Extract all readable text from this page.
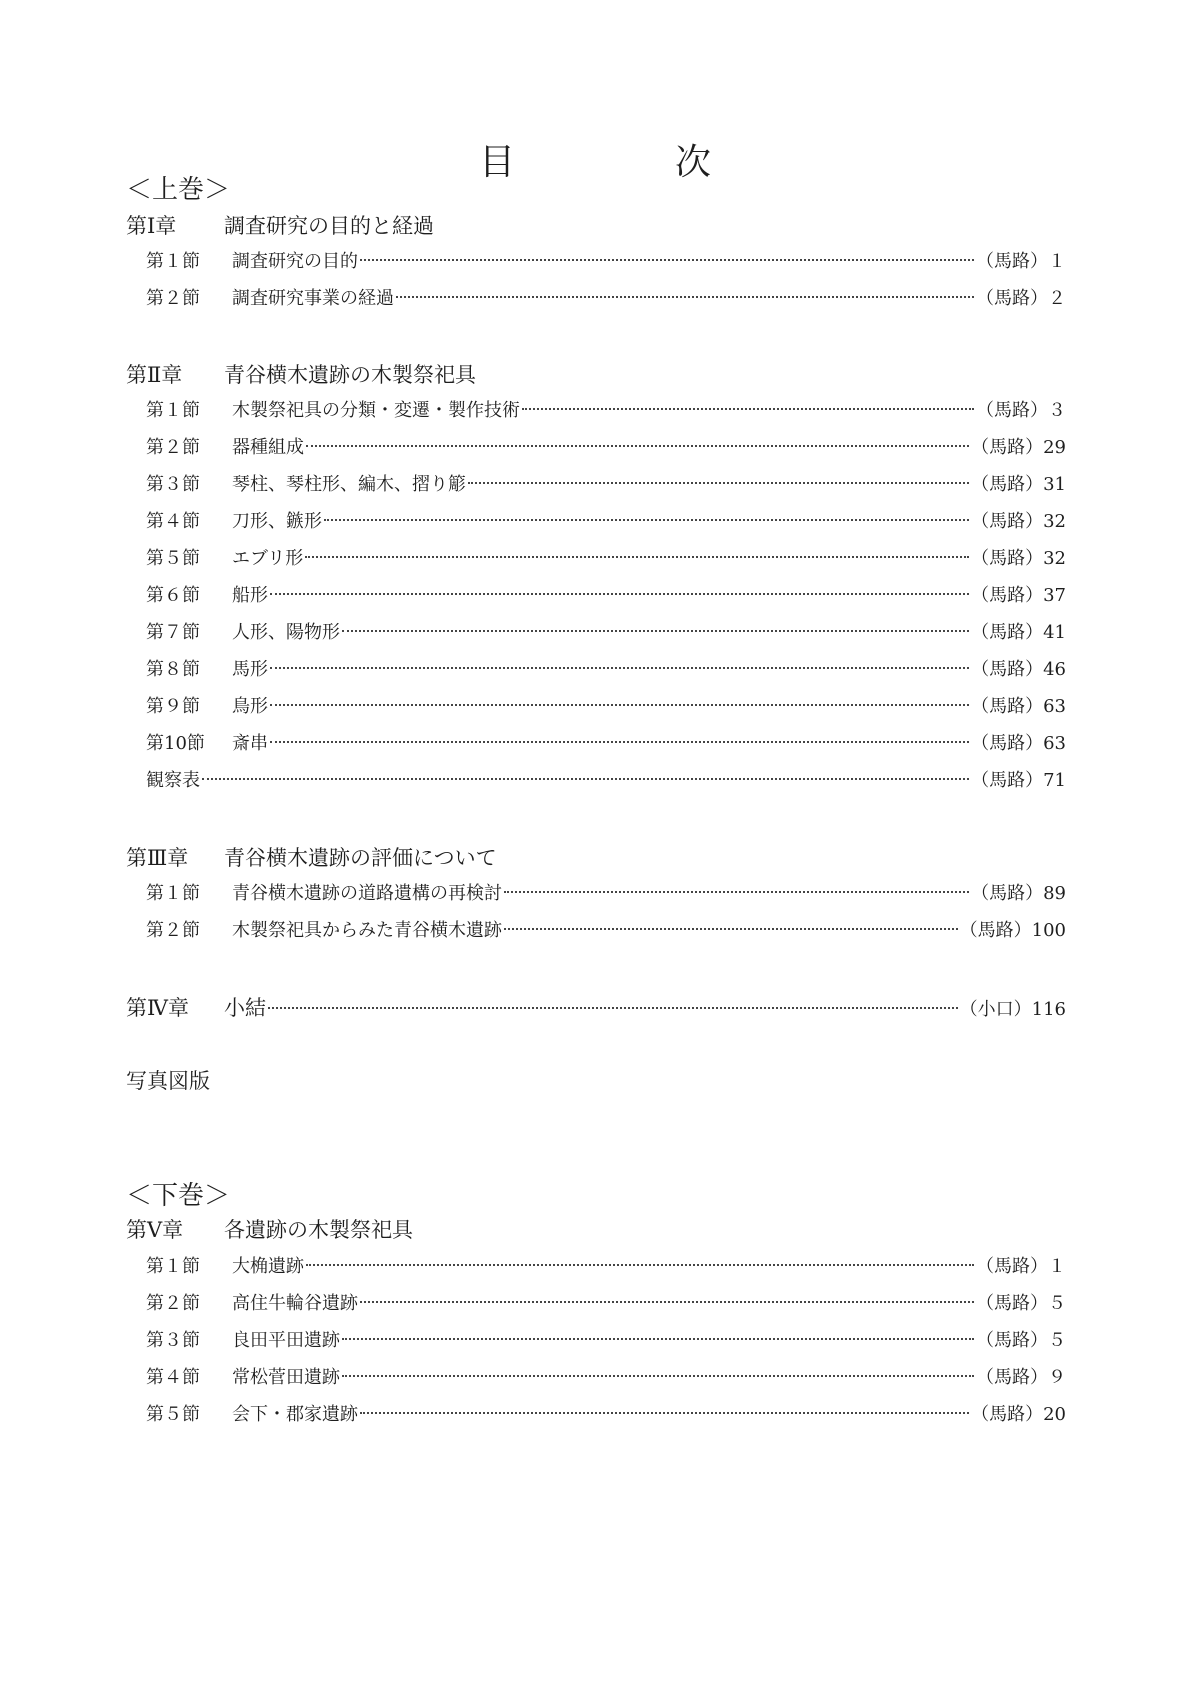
目　次
＜上巻＞
第Ⅰ章 調査研究の目的と経過
第１節	調査研究の目的	（馬路）１
第２節	調査研究事業の経過	（馬路）２
第Ⅱ章 青谷横木遺跡の木製祭祀具
第１節	木製祭祀具の分類・変遷・製作技術	（馬路）３
第２節	器種組成	（馬路）29
第３節	琴柱、琴柱形、編木、摺り簓	（馬路）31
第４節	刀形、鏃形	（馬路）32
第５節	エブリ形	（馬路）32
第６節	船形	（馬路）37
第７節	人形、陽物形	（馬路）41
第８節	馬形	（馬路）46
第９節	鳥形	（馬路）63
第10節	斎串	（馬路）63
観察表	（馬路）71
第Ⅲ章 青谷横木遺跡の評価について
第１節	青谷横木遺跡の道路遺構の再検討	（馬路）89
第２節	木製祭祀具からみた青谷横木遺跡	（馬路）100
第Ⅳ章	小結	（小口）116
写真図版
＜下巻＞
第Ⅴ章 各遺跡の木製祭祀具
第１節	大桷遺跡	（馬路）１
第２節	高住牛輪谷遺跡	（馬路）５
第３節	良田平田遺跡	（馬路）５
第４節	常松菅田遺跡	（馬路）９
第５節	会下・郡家遺跡	（馬路）20
